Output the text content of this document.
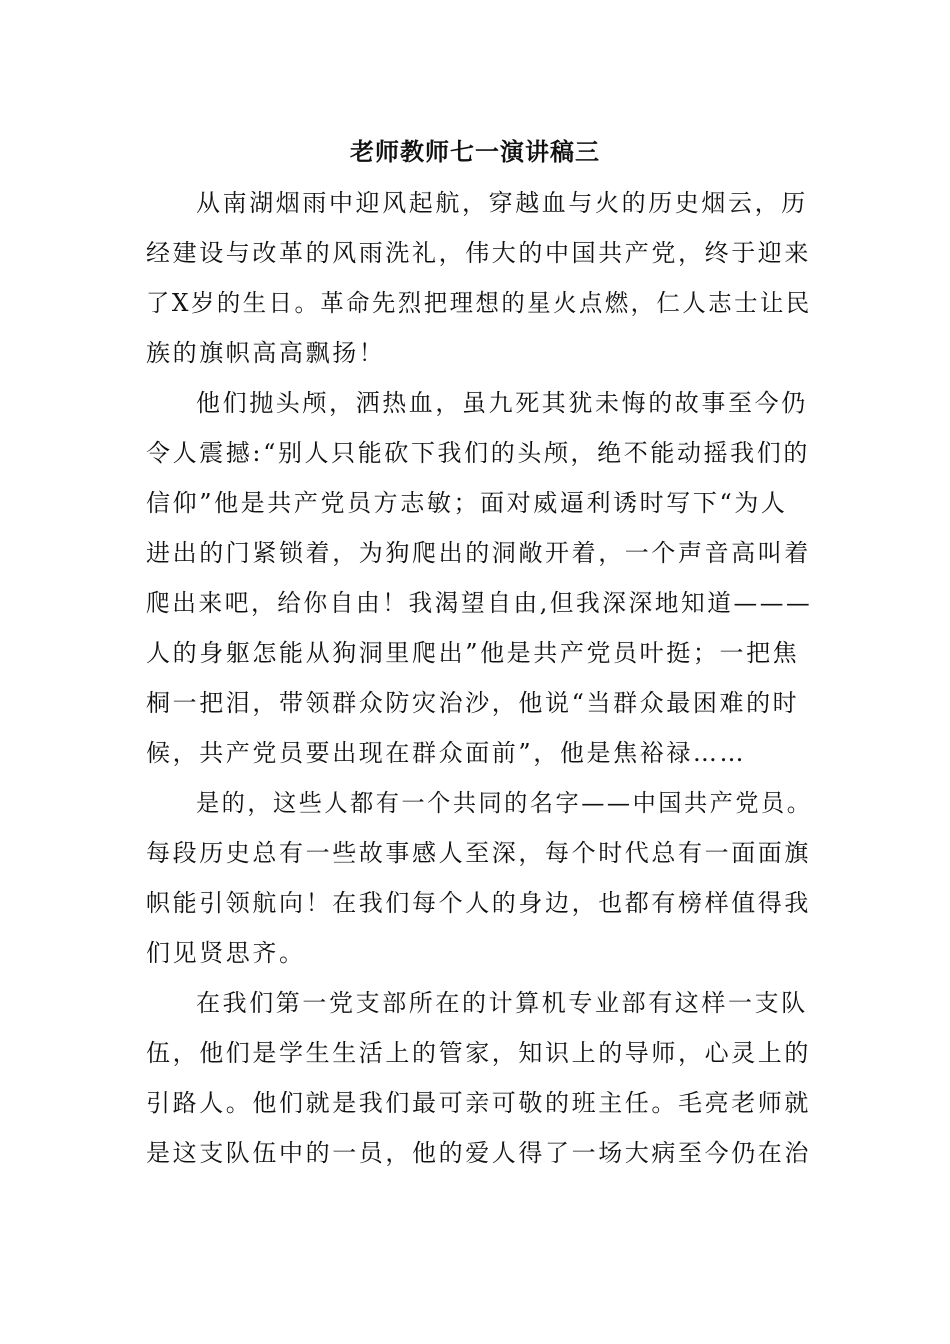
老师教师七一演讲稿三
从南湖烟雨中迎风起航，穿越血与火的历史烟云，历
经建设与改革的风雨洗礼，伟大的中国共产党，终于迎来
了X岁的生日。革命先烈把理想的星火点燃，仁人志士让民
族的旗帜高高飘扬！
他们抛头颅，洒热血，虽九死其犹未悔的故事至今仍
令人震撼:“别人只能砍下我们的头颅，绝不能动摇我们的
信仰”他是共产党员方志敏；面对威逼利诱时写下“为人
进出的门紧锁着，为狗爬出的洞敞开着，一个声音高叫着
爬出来吧，给你自由！我渴望自由,但我深深地知道———
人的身躯怎能从狗洞里爬出”他是共产党员叶挺；一把焦
桐一把泪，带领群众防灾治沙，他说“当群众最困难的时
候，共产党员要出现在群众面前”，他是焦裕禄……
是的，这些人都有一个共同的名字——中国共产党员。
每段历史总有一些故事感人至深，每个时代总有一面面旗
帜能引领航向！在我们每个人的身边，也都有榜样值得我
们见贤思齐。
在我们第一党支部所在的计算机专业部有这样一支队
伍，他们是学生生活上的管家，知识上的导师，心灵上的
引路人。他们就是我们最可亲可敬的班主任。毛亮老师就
是这支队伍中的一员，他的爱人得了一场大病至今仍在治
